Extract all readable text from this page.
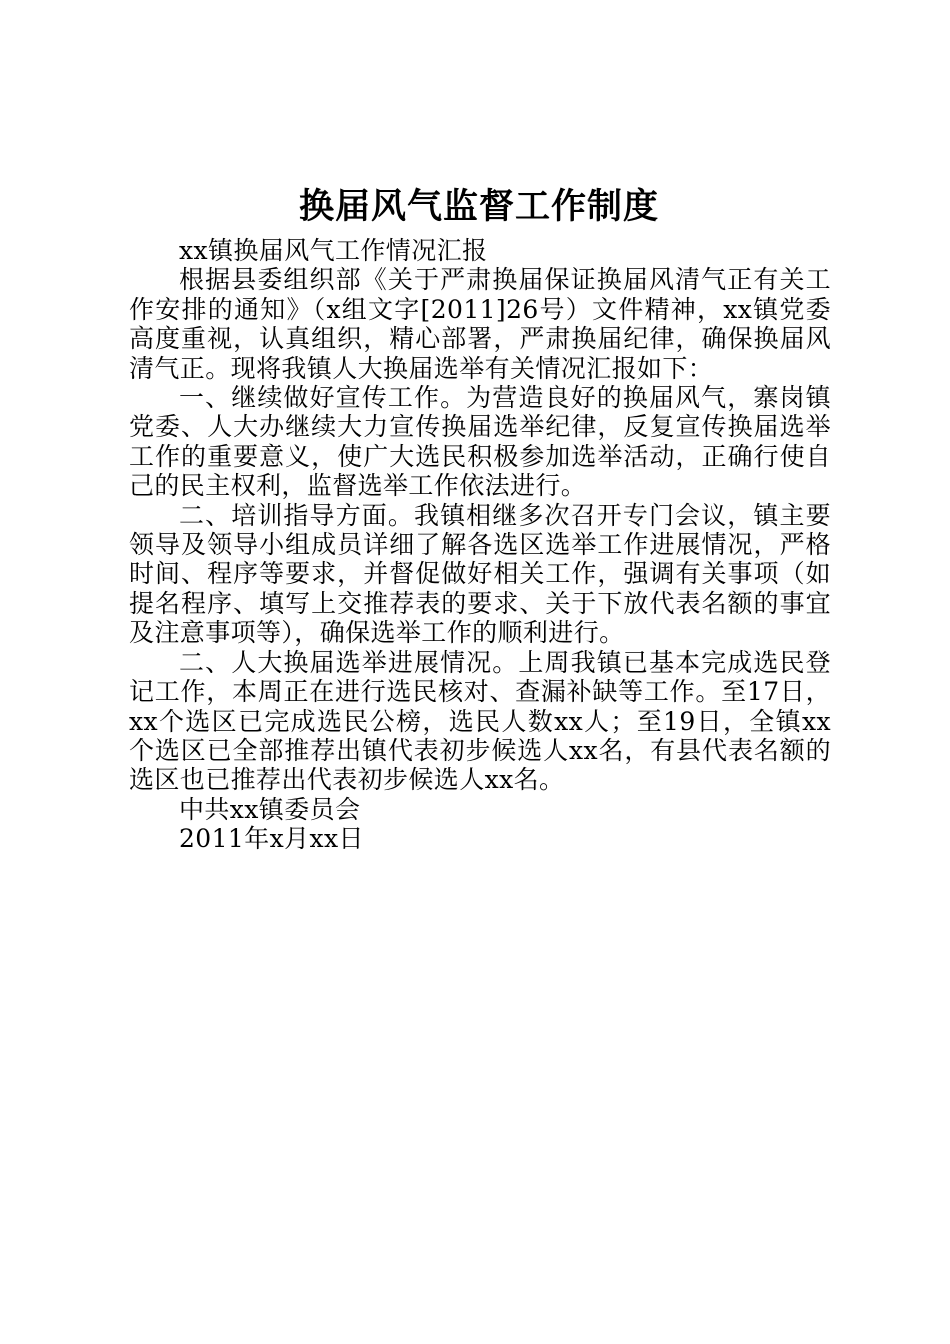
换届风气监督工作制度

xx镇换届风气工作情况汇报

根据县委组织部《关于严肃换届保证换届风清气正有关工作安排的通知》（x组文字[2011]26号）文件精神，xx镇党委高度重视，认真组织，精心部署，严肃换届纪律，确保换届风清气正。现将我镇人大换届选举有关情况汇报如下：

一、继续做好宣传工作。为营造良好的换届风气，寨岗镇党委、人大办继续大力宣传换届选举纪律，反复宣传换届选举工作的重要意义，使广大选民积极参加选举活动，正确行使自己的民主权利，监督选举工作依法进行。

二、培训指导方面。我镇相继多次召开专门会议，镇主要领导及领导小组成员详细了解各选区选举工作进展情况，严格时间、程序等要求，并督促做好相关工作，强调有关事项（如提名程序、填写上交推荐表的要求、关于下放代表名额的事宜及注意事项等），确保选举工作的顺利进行。

二、人大换届选举进展情况。上周我镇已基本完成选民登记工作，本周正在进行选民核对、查漏补缺等工作。至17日，xx个选区已完成选民公榜，选民人数xx人；至19日，全镇xx个选区已全部推荐出镇代表初步候选人xx名，有县代表名额的选区也已推荐出代表初步候选人xx名。

中共xx镇委员会

2011年x月xx日
